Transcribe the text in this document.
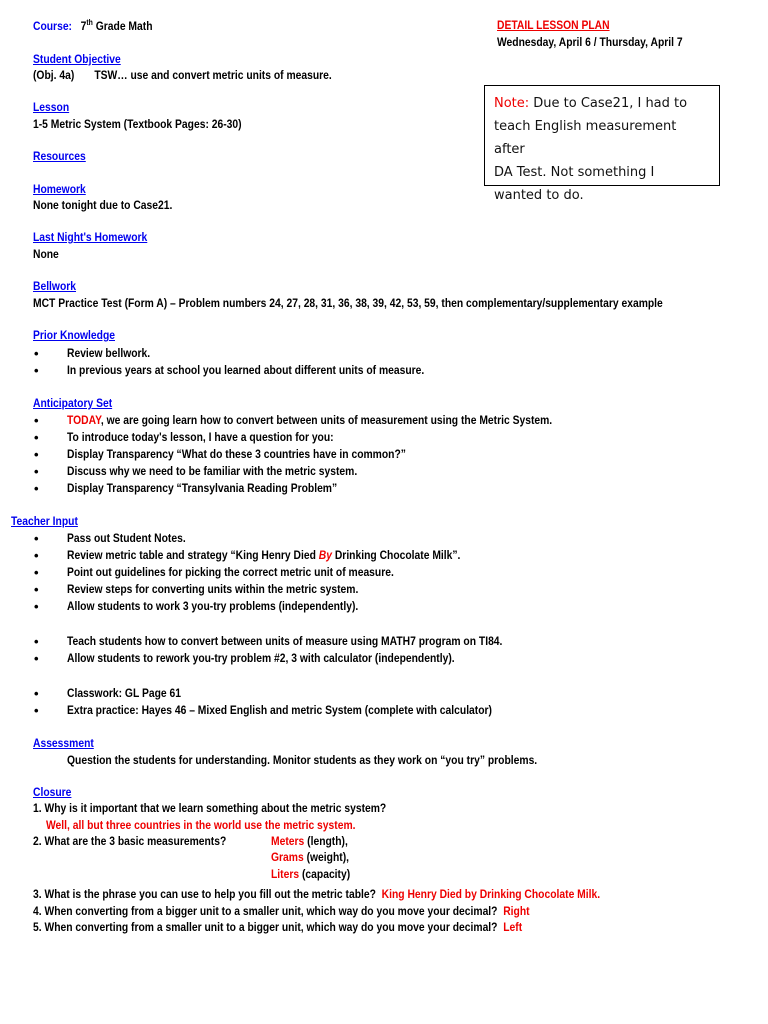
Course: 7th Grade Math	DETAIL LESSON PLAN
Wednesday, April 6 / Thursday, April 7
Note: Due to Case21, I had to
teach English measurement after
DA Test. Not something I
wanted to do.
Student Objective
(Obj. 4a) TSW… use and convert metric units of measure.
Lesson
1-5 Metric System (Textbook Pages: 26-30)
Resources
Homework
None tonight due to Case21.
Last Night's Homework
None
Bellwork
MCT Practice Test (Form A) – Problem numbers 24, 27, 28, 31, 36, 38, 39, 42, 53, 59, then complementary/supplementary example
Prior Knowledge
•
Review bellwork.
•
In previous years at school you learned about different units of measure.
Anticipatory Set
•
TODAY, we are going learn how to convert between units of measurement using the Metric System.
•
To introduce today's lesson, I have a question for you:
•
Display Transparency “What do these 3 countries have in common?”
•
Discuss why we need to be familiar with the metric system.
•
Display Transparency “Transylvania Reading Problem”
Teacher Input
•
Pass out Student Notes.
•
Review metric table and strategy “King Henry Died By Drinking Chocolate Milk”.
•
Point out guidelines for picking the correct metric unit of measure.
•
Review steps for converting units within the metric system.
•
Allow students to work 3 you-try problems (independently).
•
Teach students how to convert between units of measure using MATH7 program on TI84.
•
Allow students to rework you-try problem #2, 3 with calculator (independently).
•
Classwork: GL Page 61
•
Extra practice: Hayes 46 – Mixed English and metric System (complete with calculator)
Assessment
Question the students for understanding. Monitor students as they work on “you try” problems.
Closure
1. Why is it important that we learn something about the metric system?
Well, all but three countries in the world use the metric system.
2. What are the 3 basic measurements?	Meters (length),
Grams (weight),
Liters (capacity)
3. What is the phrase you can use to help you fill out the metric table? King Henry Died by Drinking Chocolate Milk.
4. When converting from a bigger unit to a smaller unit, which way do you move your decimal? Right
5. When converting from a smaller unit to a bigger unit, which way do you move your decimal? Left
